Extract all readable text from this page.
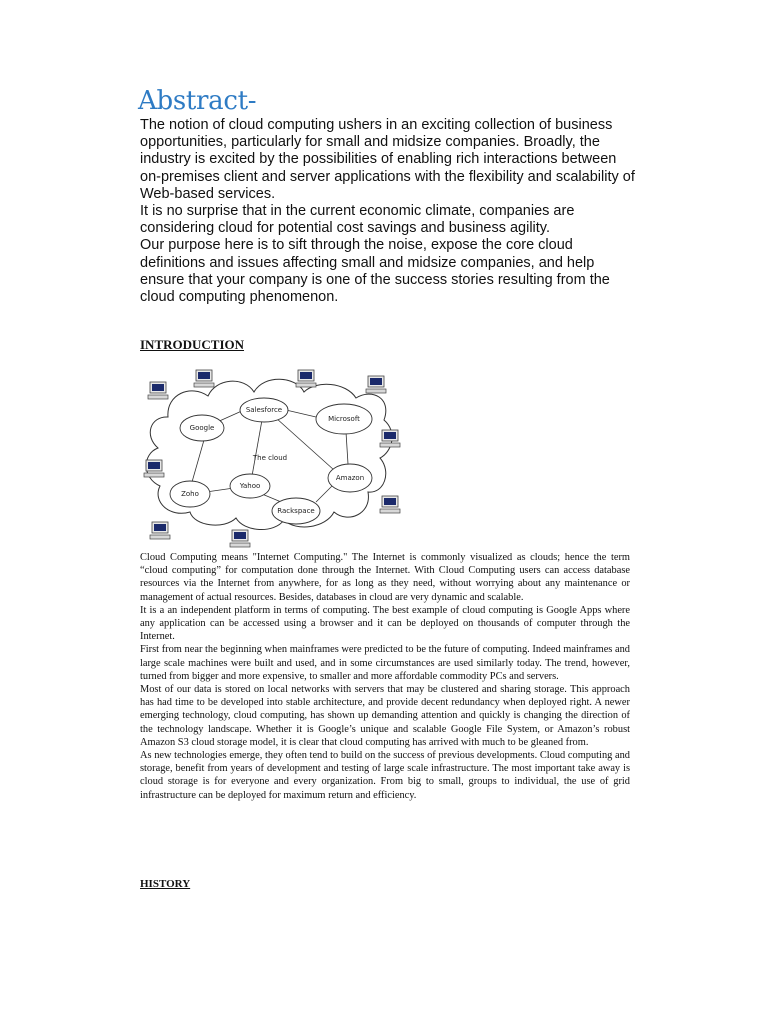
Abstract-

The notion of cloud computing ushers in an exciting collection of business opportunities, particularly for small and midsize companies. Broadly, the industry is excited by the possibilities of enabling rich interactions between on-premises client and server applications with the flexibility and scalability of Web-based services.

It is no surprise that in the current economic climate, companies are considering cloud for potential cost savings and business agility.

Our purpose here is to sift through the noise, expose the core cloud definitions and issues affecting small and midsize companies, and help ensure that your company is one of the success stories resulting from the cloud computing phenomenon.

INTRODUCTION
Salesforce
Google
Microsoft
Yahoo
Amazon
Zoho
Rackspace
The cloud

Cloud Computing means "Internet Computing." The Internet is commonly visualized as clouds; hence the term “cloud computing” for computation done through the Internet. With Cloud Computing users can access database resources via the Internet from anywhere, for as long as they need, without worrying about any maintenance or management of actual resources. Besides, databases in cloud are very dynamic and scalable.

It is a an independent platform in terms of computing. The best example of cloud computing is Google Apps where any application can be accessed using a browser and it can be deployed on thousands of computer through the Internet.

First from near the beginning when mainframes were predicted to be the future of computing. Indeed mainframes and large scale machines were built and used, and in some circumstances are used similarly today. The trend, however, turned from bigger and more expensive, to smaller and more affordable commodity PCs and servers.

Most of our data is stored on local networks with servers that may be clustered and sharing storage. This approach has had time to be developed into stable architecture, and provide decent redundancy when deployed right. A newer emerging technology, cloud computing, has shown up demanding attention and quickly is changing the direction of the technology landscape. Whether it is Google’s unique and scalable Google File System, or Amazon’s robust Amazon S3 cloud storage model, it is clear that cloud computing has arrived with much to be gleaned from.

As new technologies emerge, they often tend to build on the success of previous developments. Cloud computing and storage, benefit from years of development and testing of large scale infrastructure. The most important take away is cloud storage is for everyone and every organization. From big to small, groups to individual, the use of grid infrastructure can be deployed for maximum return and efficiency.

HISTORY
